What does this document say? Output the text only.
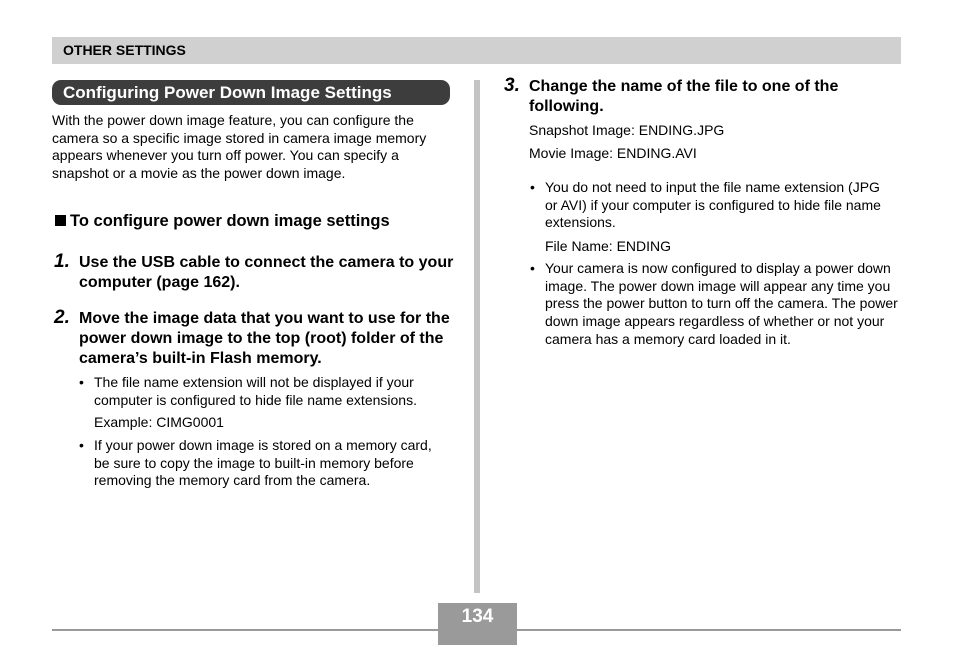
OTHER SETTINGS
Configuring Power Down Image Settings
With the power down image feature, you can configure the camera so a specific image stored in camera image memory appears whenever you turn off power. You can specify a snapshot or a movie as the power down image.
To configure power down image settings
1. Use the USB cable to connect the camera to your computer (page 162).
2. Move the image data that you want to use for the power down image to the top (root) folder of the camera’s built-in Flash memory.
• The file name extension will not be displayed if your computer is configured to hide file name extensions.
Example: CIMG0001
• If your power down image is stored on a memory card, be sure to copy the image to built-in memory before removing the memory card from the camera.
3. Change the name of the file to one of the following.
Snapshot Image: ENDING.JPG
Movie Image: ENDING.AVI
• You do not need to input the file name extension (JPG or AVI) if your computer is configured to hide file name extensions.
File Name: ENDING
• Your camera is now configured to display a power down image. The power down image will appear any time you press the power button to turn off the camera. The power down image appears regardless of whether or not your camera has a memory card loaded in it.
134
